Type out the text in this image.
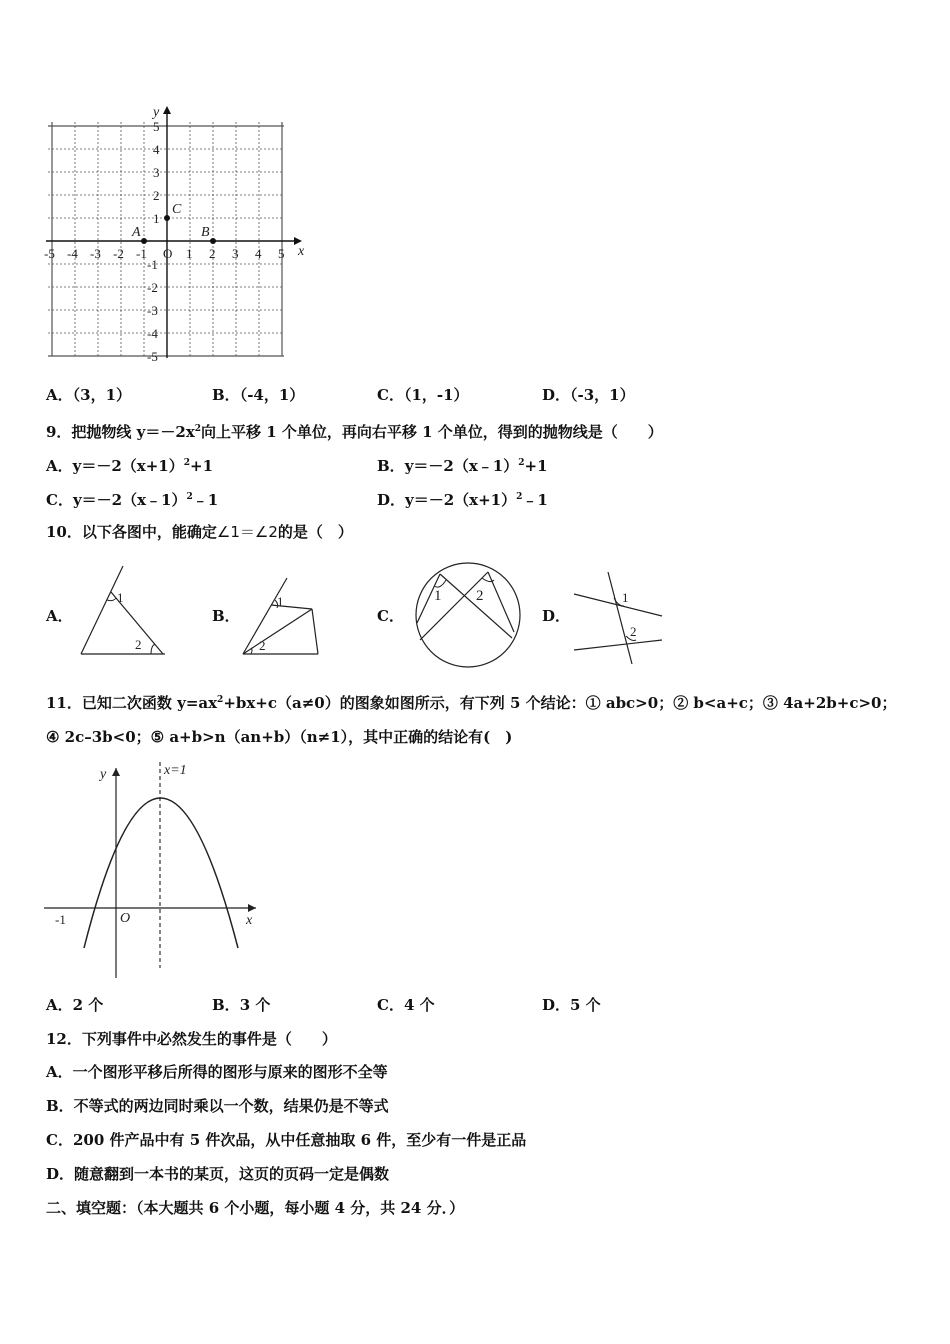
-5 -4 -3 -2 -1 O 1 2 3 4 5
5
4
3
2
1
-1
-2
-3
-4
-5
x
y
A	B
C
A．（3，1）	B．（-4，1）	C．（1，-1）	D．（-3，1）
9．把抛物线 $y=-2x^2$向上平移 1 个单位，再向右平移 1 个单位，得到的抛物线是（　　）
A．$y=-2(x+1)^2+1$	B．y＝－2（x﹣1）$^2$+1
C．y＝－2（x﹣1）$^2$﹣1	D．$y=-2(x+1)^2﹣1$
10．以下各图中，能确定∠1＝∠2的是（　）
A．
1
2
B．
1
2
C．
1 2
D．
1
2
11．已知二次函数 $y=ax^2+bx+c(a\ne 0)$的图象如图所示，有下列 5 个结论：① abc>0；② b<a+c；③ 4a+2b+c>0；
④ 2c–3b<0；⑤ a+b>n（an+b）（n≠1），其中正确的结论有(　)
y
x
O
-1
x=1
A．2 个	B．3 个	C．4 个	D．5 个
12．下列事件中必然发生的事件是（　　）
A．一个图形平移后所得的图形与原来的图形不全等
B．不等式的两边同时乘以一个数，结果仍是不等式
C．200 件产品中有 5 件次品，从中任意抽取 6 件，至少有一件是正品
D．随意翻到一本书的某页，这页的页码一定是偶数
二、填空题：（本大题共 6 个小题，每小题 4 分，共 24 分．）
